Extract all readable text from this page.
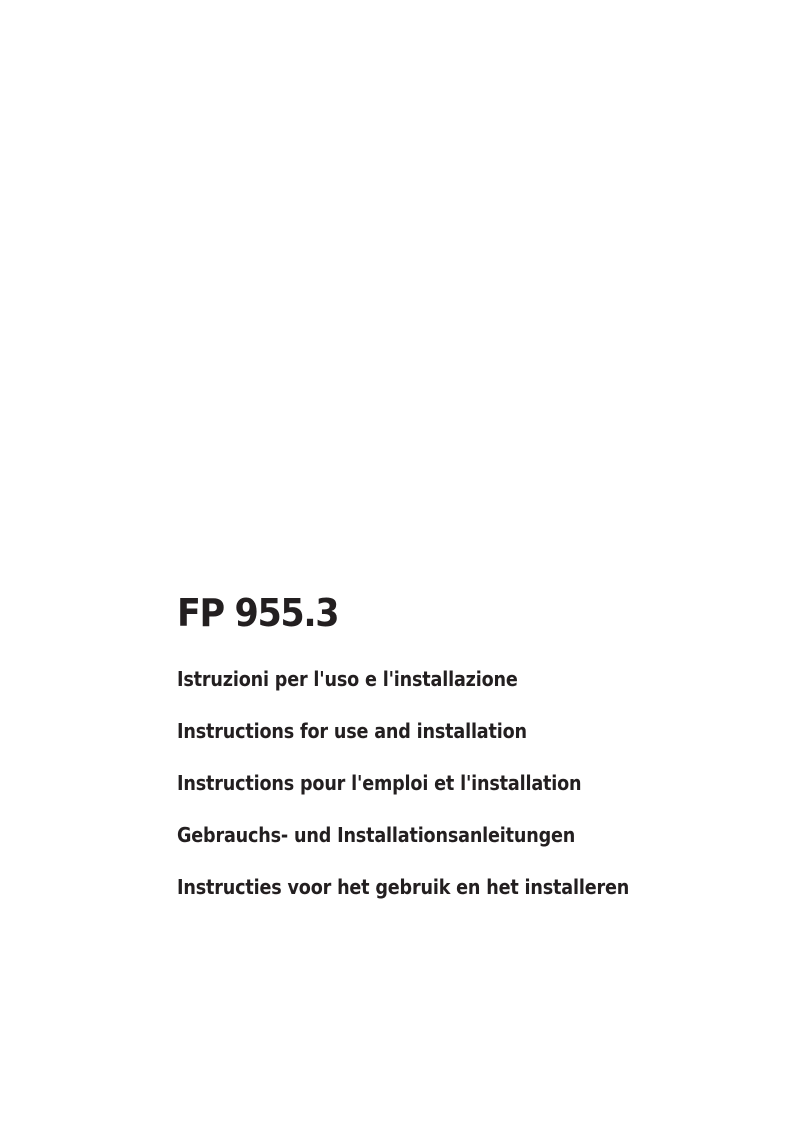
FP 955.3
Istruzioni per l'uso e l'installazione
Instructions for use and installation
Instructions pour l'emploi et l'installation
Gebrauchs- und Installationsanleitungen
Instructies voor het gebruik en het installeren
